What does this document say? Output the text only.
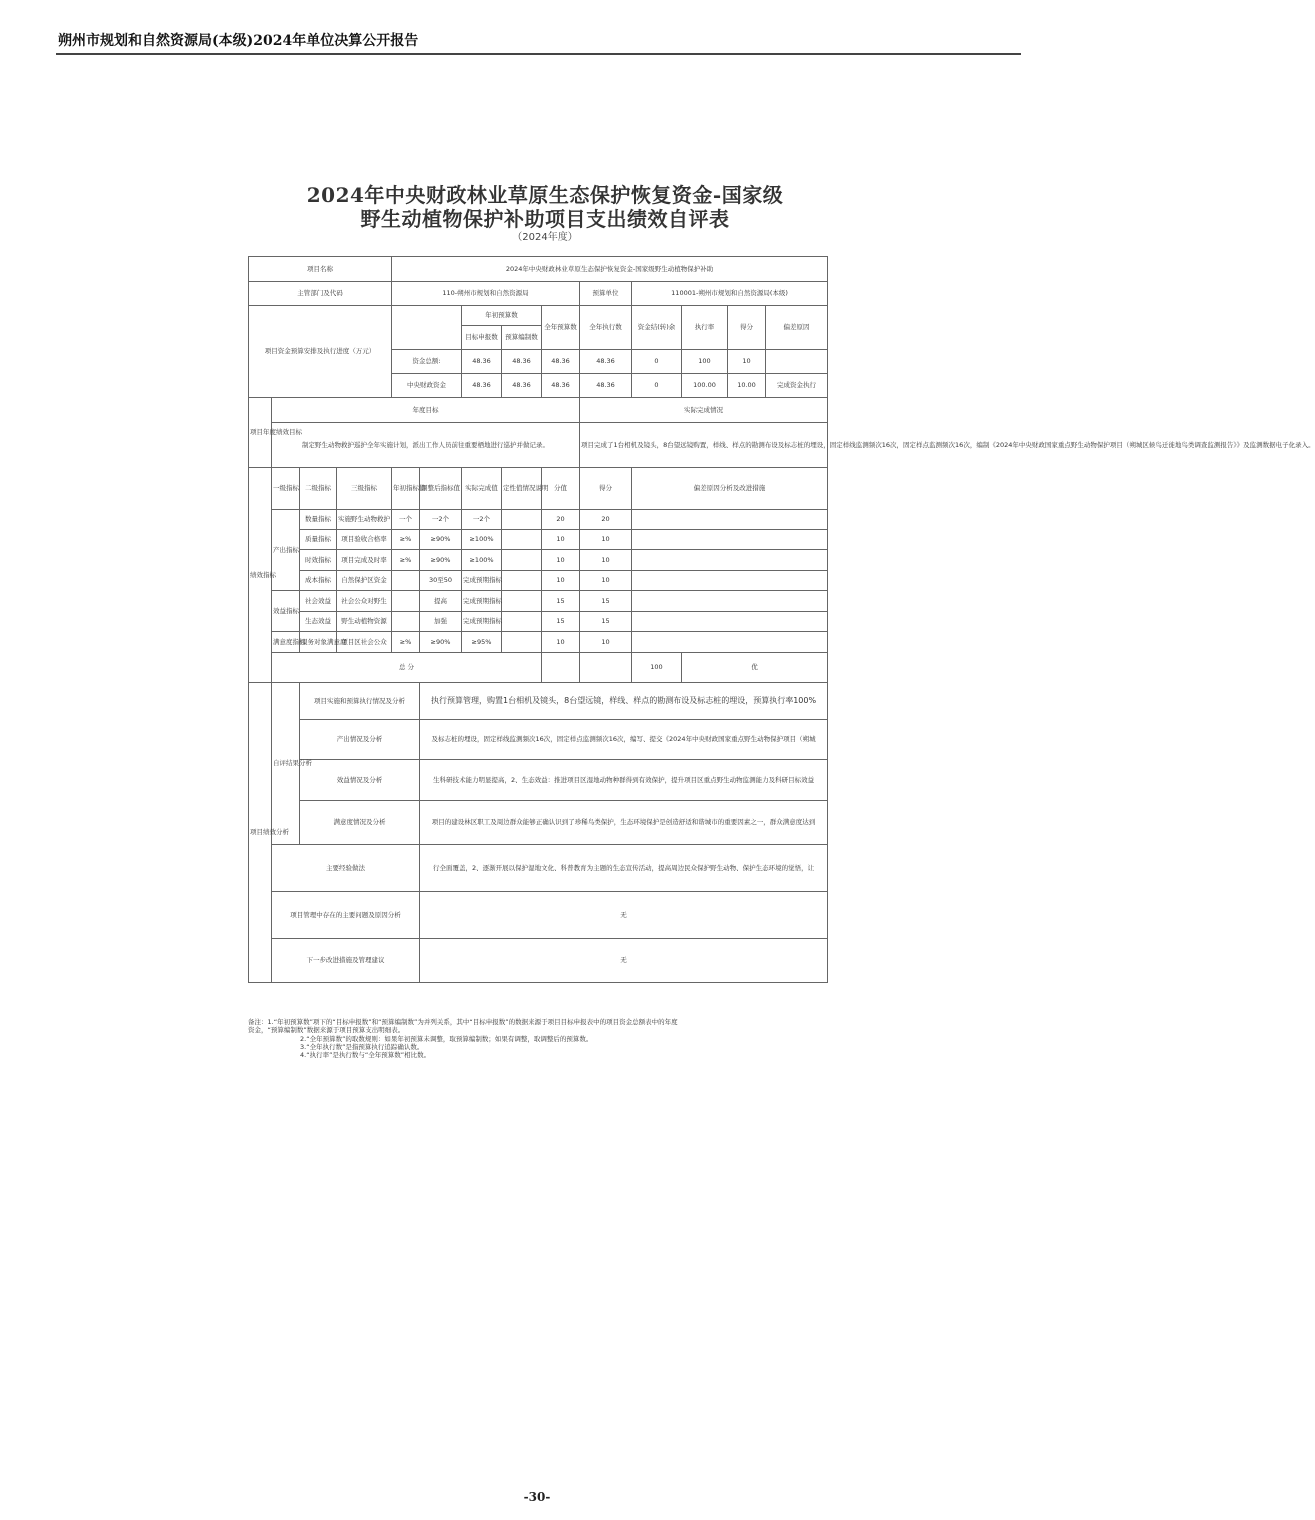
朔州市规划和自然资源局(本级)2024年单位决算公开报告
2024年中央财政林业草原生态保护恢复资金-国家级
野生动植物保护补助项目支出绩效自评表
（2024年度）
项目名称				2024年中央财政林业草原生态保护恢复资金-国家级野生动植物保护补助									
主管部门及代码				110-朔州市规划和自然资源局					预算单位	110001-朔州市规划和自然资源局(本级)			
项目资金预算安排及执行进度（万元）						年初预算数		全年预算数	全年执行数	资金结(转)余	执行率	得分	偏差原因
						目标申报数	预算编制数						
				资金总额:		48.36	48.36	48.36	48.36	0	100	10	
				中央财政资金		48.36	48.36	48.36	48.36	0	100.00	10.00	完成资金执行
项目年度绩效目标	年度目标								实际完成情况				
	制定野生动物救护巡护全年实施计划，派出工作人员前往重要栖地进行巡护并做记录。								项目完成了1台相机及镜头，8台望远镜购置，样线、样点的勘测布设及标志桩的埋设，固定样线监测频次16次，固定样点监测频次16次，编制《2024年中央财政国家重点野生动物保护项目（朔城区候鸟迁徙地鸟类调查监测报告》》及监测数据电子化录入。				
绩效指标	一级指标	二级指标	三级指标	年初指标值	调整后指标值	实际完成值	定性值情况说明	分值	得分	偏差原因分析及改进措施			
	产出指标	数量指标	实施野生动物救护	一个	一2个	一2个		20	20				
		质量指标	项目验收合格率	≥%	≥90%	≥100%		10	10				
		时效指标	项目完成及时率	≥%	≥90%	≥100%		10	10				
		成本指标	自然保护区资金		30至50	完成预期指标		10	10				
	效益指标	社会效益	社会公众对野生		提高	完成预期指标		15	15				
		生态效益	野生动植物资源		加强	完成预期指标		15	15				
	满意度指标	服务对象满意度	项目区社会公众	≥%	≥90%	≥95%		10	10				
	总 分									100	优		
项目绩效分析	自评结果分析	项目实施和预算执行情况及分析			执行预算管理，购置1台相机及镜头，8台望远镜，样线、样点的勘测布设及标志桩的埋设，预算执行率100%								
		产出情况及分析			及标志桩的埋设，固定样线监测频次16次，固定样点监测频次16次，编写、提交《2024年中央财政国家重点野生动物保护项目（朔城								
		效益情况及分析			生科研技术能力明显提高，2、生态效益：推进项目区湿地动物种群得到有效保护，提升项目区重点野生动物监测能力及科研目标效益								
		满意度情况及分析			项目的建设林区职工及周边群众能够正确认识到了珍稀鸟类保护，生态环境保护是创造舒适和谐城市的重要因素之一，群众满意度达到								
	主要经验做法				行全面覆盖，2、逐渐开展以保护湿地文化、科普教育为主题的生态宣传活动，提高周边民众保护野生动物、保护生态环境的觉悟，让								
	项目管理中存在的主要问题及原因分析				无								
	下一步改进措施及管理建议				无								
备注：1.“年初预算数”项下的“目标申报数”和“预算编制数”为并列关系，其中“目标申报数”的数据来源于项目目标申报表中的项目资金总额表中的年度
资金，“预算编制数”数据来源于项目预算支出明细表。
2.“全年预算数”的取数规则：如果年初预算未调整，取预算编制数；如果有调整，取调整后的预算数。
3.“全年执行数”是指预算执行追踪确认数。
4.“执行率”是执行数与“全年预算数”相比数。
-30-
